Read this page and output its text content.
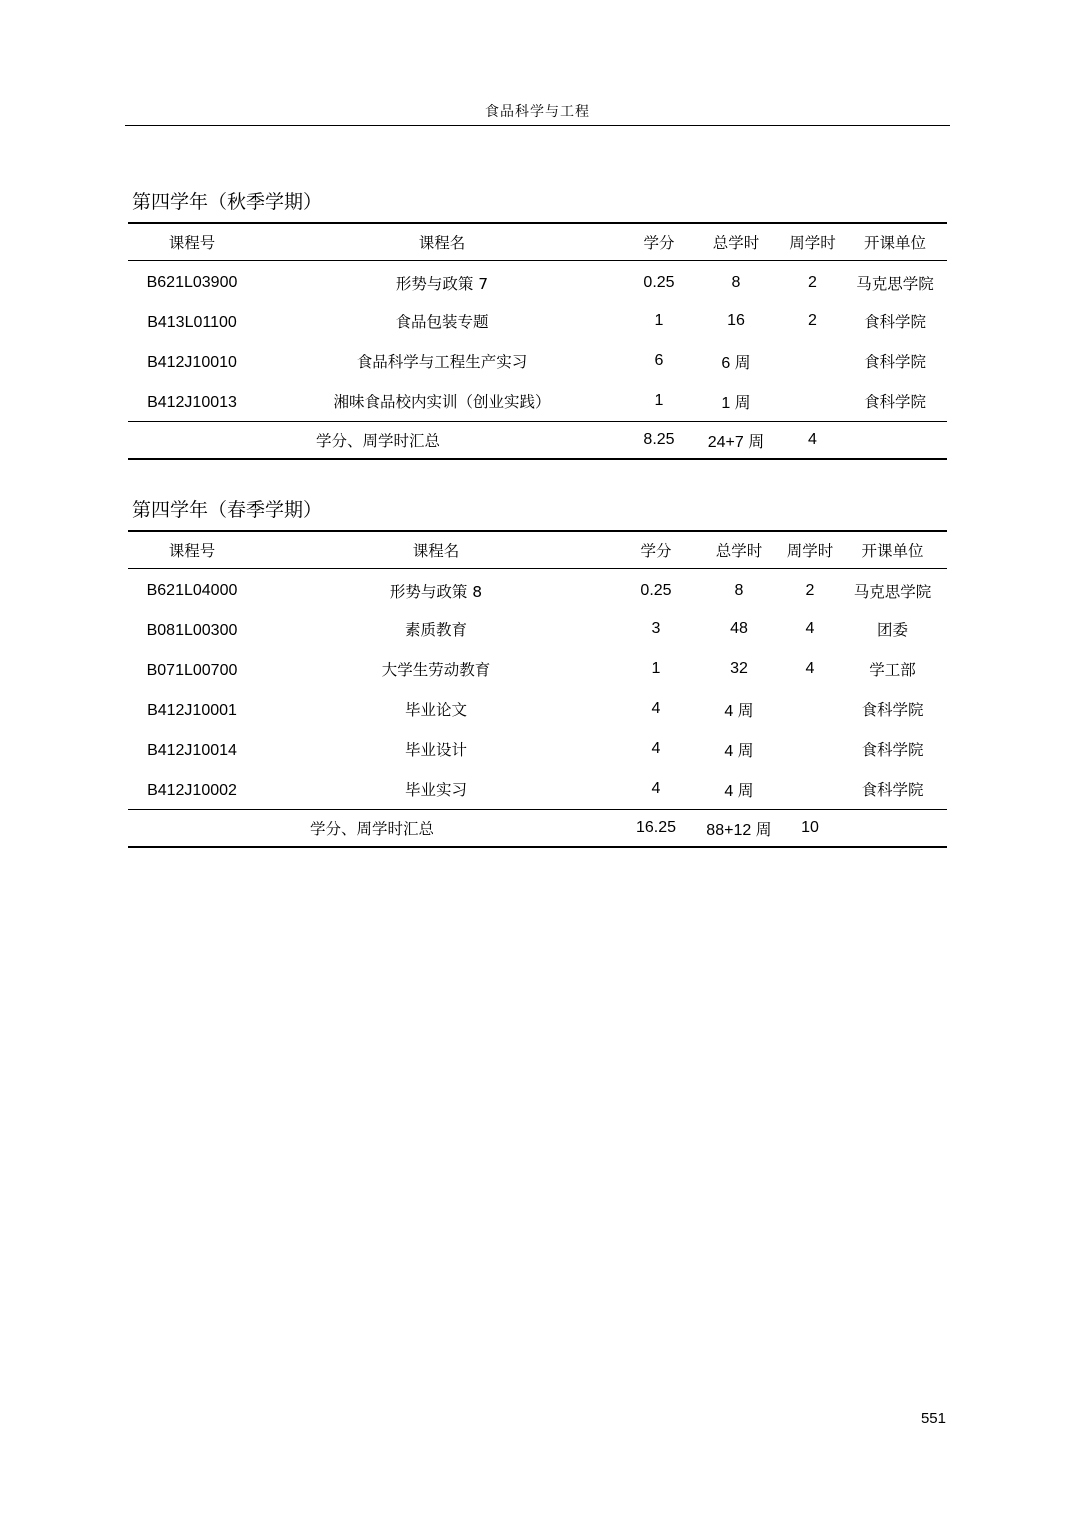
食品科学与工程
第四学年（秋季学期）
课程号	课程名	学分	总学时	周学时	开课单位
B621L03900	形势与政策 7	0.25	8	2	马克思学院
B413L01100	食品包装专题	1	16	2	食科学院
B412J10010	食品科学与工程生产实习	6	6 周		食科学院
B412J10013	湘味食品校内实训（创业实践）	1	1 周		食科学院
学分、周学时汇总		8.25	24+7 周	4	
第四学年（春季学期）
课程号	课程名	学分	总学时	周学时	开课单位
B621L04000	形势与政策 8	0.25	8	2	马克思学院
B081L00300	素质教育	3	48	4	团委
B071L00700	大学生劳动教育	1	32	4	学工部
B412J10001	毕业论文	4	4 周		食科学院
B412J10014	毕业设计	4	4 周		食科学院
B412J10002	毕业实习	4	4 周		食科学院
学分、周学时汇总		16.25	88+12 周	10	
551
